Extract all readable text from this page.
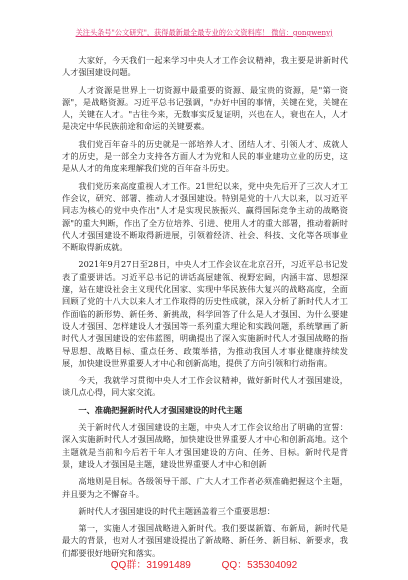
关注头条号"公文研究"，获得最新最全最专业的公文资料库！ 微信：gongwenyj

大家好，今天我们一起来学习中央人才工作会议精神，我主要是讲新时代人才强国建设问题。

人才资源是世界上一切资源中最重要的资源、最宝贵的资源，是"第一资源"，是战略资源。习近平总书记强调，"办好中国的事情，关键在党，关键在人，关键在人才。"古往今来，无数事实反复证明，兴也在人，衰也在人，人才是决定中华民族前途和命运的关键要素。

我们党百年奋斗的历史就是一部培养人才、团结人才、引领人才、成就人才的历史，是一部全力支持各方面人才为党和人民的事业建功立业的历史，这是从人才的角度来理解我们党的百年奋斗历史。

我们党历来高度重视人才工作。21世纪以来，党中央先后开了三次人才工作会议，研究、部署、推动人才强国建设。特别是党的十八大以来，以习近平同志为核心的党中央作出"人才是实现民族振兴、赢得国际竞争主动的战略资源"的重大判断，作出了全方位培养、引进、使用人才的重大部署，推动着新时代人才强国建设不断取得新进展，引领着经济、社会、科技、文化等各项事业不断取得新成就。

2021年9月27日至28日，中央人才工作会议在北京召开，习近平总书记发表了重要讲话。习近平总书记的讲话高屋建瓴、视野宏阔，内涵丰富、思想深邃，站在建设社会主义现代化国家、实现中华民族伟大复兴的战略高度，全面回顾了党的十八大以来人才工作取得的历史性成就，深入分析了新时代人才工作面临的新形势、新任务、新挑战，科学回答了什么是人才强国、为什么要建设人才强国、怎样建设人才强国等一系列重大理论和实践问题，系统擘画了新时代人才强国建设的宏伟蓝图，明确提出了深入实施新时代人才强国战略的指导思想、战略目标、重点任务、政策举措，为推动我国人才事业健康持续发展，加快建设世界重要人才中心和创新高地，提供了方向引领和行动指南。

今天，我就学习贯彻中央人才工作会议精神，做好新时代人才强国建设，谈几点心得，同大家交流。

一、准确把握新时代人才强国建设的时代主题

关于新时代人才强国建设的主题，中央人才工作会议给出了明确的宣誓：深入实施新时代人才强国战略，加快建设世界重要人才中心和创新高地。这个主题就是当前和今后若干年人才强国建设的方向、任务、目标。新时代是背景，建设人才强国是主题，建设世界重要人才中心和创新

高地则是目标。各级领导干部、广大人才工作者必须准确把握这个主题，并且要为之不懈奋斗。

新时代人才强国建设的时代主题涵盖着三个重要思想：

第一，实施人才强国战略进入新时代。我们要谋新篇、布新局，新时代是最大的背景，也对人才强国建设提出了新战略、新任务、新目标、新要求，我们都要很好地研究和落实。

QQ群：31991489	QQ：535304092
